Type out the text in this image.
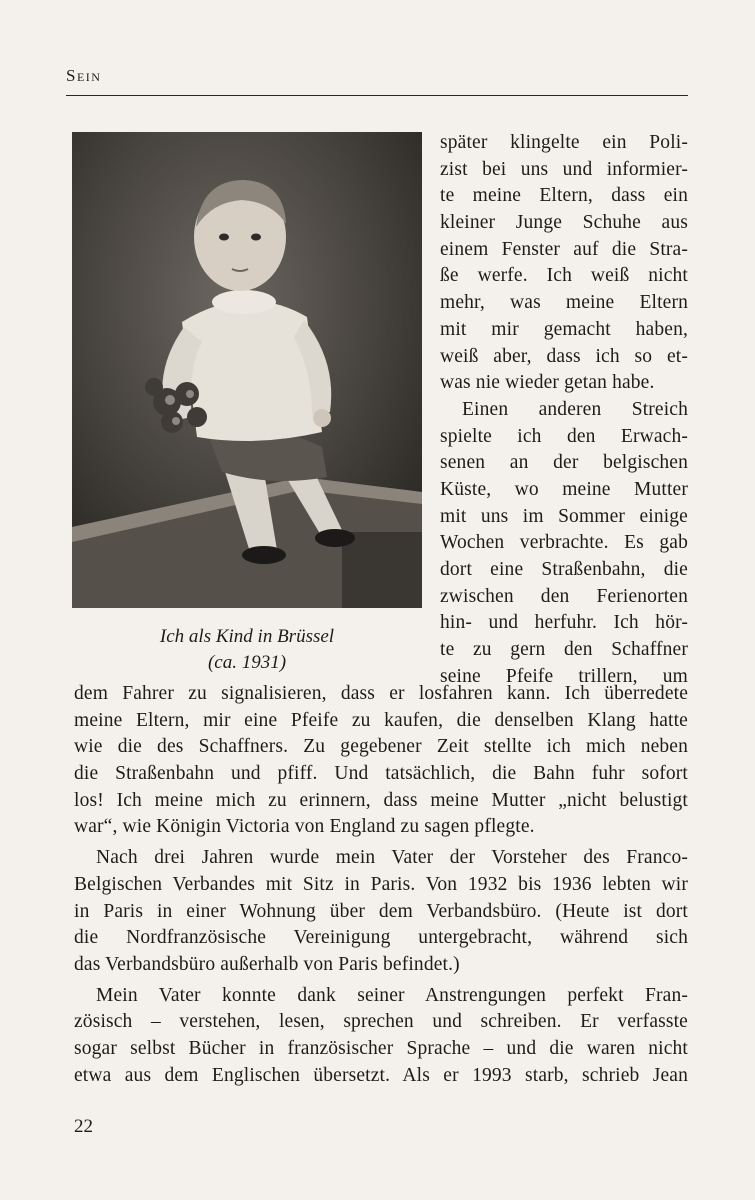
Sein
Ich als Kind in Brüssel
(ca. 1931)
später klingelte ein Poli-
zist bei uns und informier-
te meine Eltern, dass ein
kleiner Junge Schuhe aus
einem Fenster auf die Stra-
ße werfe. Ich weiß nicht
mehr, was meine Eltern
mit mir gemacht haben,
weiß aber, dass ich so et-
was nie wieder getan habe.
Einen anderen Streich
spielte ich den Erwach-
senen an der belgischen
Küste, wo meine Mutter
mit uns im Sommer einige
Wochen verbrachte. Es gab
dort eine Straßenbahn, die
zwischen den Ferienorten
hin- und herfuhr. Ich hör-
te zu gern den Schaffner
seine Pfeife trillern, um
dem Fahrer zu signalisieren, dass er losfahren kann. Ich überredete
meine Eltern, mir eine Pfeife zu kaufen, die denselben Klang hatte
wie die des Schaffners. Zu gegebener Zeit stellte ich mich neben
die Straßenbahn und pfiff. Und tatsächlich, die Bahn fuhr sofort
los! Ich meine mich zu erinnern, dass meine Mutter „nicht belustigt
war“, wie Königin Victoria von England zu sagen pflegte.
Nach drei Jahren wurde mein Vater der Vorsteher des Franco-
Belgischen Verbandes mit Sitz in Paris. Von 1932 bis 1936 lebten wir
in Paris in einer Wohnung über dem Verbandsbüro. (Heute ist dort
die Nordfranzösische Vereinigung untergebracht, während sich
das Verbandsbüro außerhalb von Paris befindet.)
Mein Vater konnte dank seiner Anstrengungen perfekt Fran-
zösisch – verstehen, lesen, sprechen und schreiben. Er verfasste
sogar selbst Bücher in französischer Sprache – und die waren nicht
etwa aus dem Englischen übersetzt. Als er 1993 starb, schrieb Jean
22
